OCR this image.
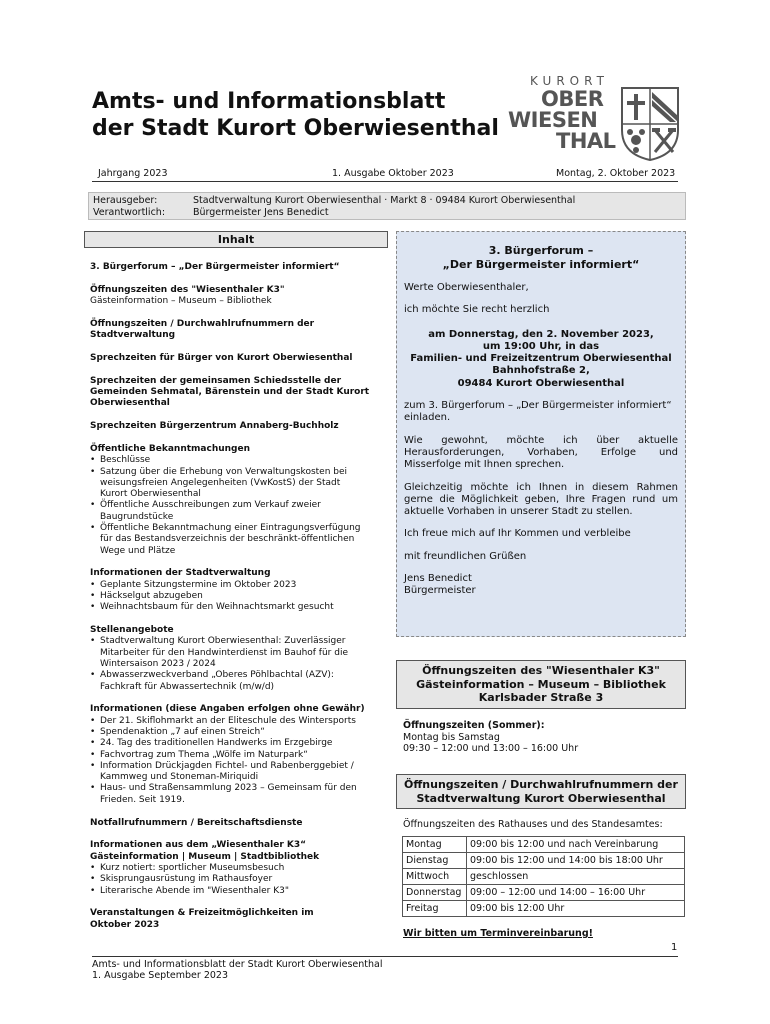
Amts- und Informationsblatt
der Stadt Kurort Oberwiesenthal
KURORT
OBER
WIESEN
THAL
Jahrgang 2023	1. Ausgabe Oktober 2023	Montag, 2. Oktober 2023
Herausgeber:	Stadtverwaltung Kurort Oberwiesenthal · Markt 8 · 09484 Kurort Oberwiesenthal
Verantwortlich:	Bürgermeister Jens Benedict
Inhalt
3. Bürgerforum – „Der Bürgermeister informiert“
Öffnungszeiten des "Wiesenthaler K3"
Gästeinformation – Museum – Bibliothek
Öffnungszeiten / Durchwahlrufnummern der
Stadtverwaltung
Sprechzeiten für Bürger von Kurort Oberwiesenthal
Sprechzeiten der gemeinsamen Schiedsstelle der
Gemeinden Sehmatal, Bärenstein und der Stadt Kurort
Oberwiesenthal
Sprechzeiten Bürgerzentrum Annaberg-Buchholz
Öffentliche Bekanntmachungen
• Beschlüsse
• Satzung über die Erhebung von Verwaltungskosten bei weisungsfreien Angelegenheiten (VwKostS) der Stadt Kurort Oberwiesenthal
• Öffentliche Ausschreibungen zum Verkauf zweier Baugrundstücke
• Öffentliche Bekanntmachung einer Eintragungsverfügung für das Bestandsverzeichnis der beschränkt-öffentlichen Wege und Plätze
Informationen der Stadtverwaltung
• Geplante Sitzungstermine im Oktober 2023
• Häckselgut abzugeben
• Weihnachtsbaum für den Weihnachtsmarkt gesucht
Stellenangebote
• Stadtverwaltung Kurort Oberwiesenthal: Zuverlässiger Mitarbeiter für den Handwinterdienst im Bauhof für die Wintersaison 2023 / 2024
• Abwasserzweckverband „Oberes Pöhlbachtal (AZV): Fachkraft für Abwassertechnik (m/w/d)
Informationen (diese Angaben erfolgen ohne Gewähr)
• Der 21. Skiflohmarkt an der Eliteschule des Wintersports
• Spendenaktion „7 auf einen Streich“
• 24. Tag des traditionellen Handwerks im Erzgebirge
• Fachvortrag zum Thema „Wölfe im Naturpark“
• Information Drückjagden Fichtel- und Rabenberggebiet / Kammweg und Stoneman-Miriquidi
• Haus- und Straßensammlung 2023 – Gemeinsam für den Frieden. Seit 1919.
Notfallrufnummern / Bereitschaftsdienste
Informationen aus dem „Wiesenthaler K3“
Gästeinformation | Museum | Stadtbibliothek
• Kurz notiert: sportlicher Museumsbesuch
• Skisprungausrüstung im Rathausfoyer
• Literarische Abende im "Wiesenthaler K3"
Veranstaltungen & Freizeitmöglichkeiten im
Oktober 2023
3. Bürgerforum –
„Der Bürgermeister informiert“

Werte Oberwiesenthaler,

ich möchte Sie recht herzlich

am Donnerstag, den 2. November 2023,
um 19:00 Uhr, in das
Familien- und Freizeitzentrum Oberwiesenthal
Bahnhofstraße 2,
09484 Kurort Oberwiesenthal

zum 3. Bürgerforum – „Der Bürgermeister informiert“ einladen.

Wie gewohnt, möchte ich über aktuelle Herausforderungen, Vorhaben, Erfolge und Misserfolge mit Ihnen sprechen.

Gleichzeitig möchte ich Ihnen in diesem Rahmen gerne die Möglichkeit geben, Ihre Fragen rund um aktuelle Vorhaben in unserer Stadt zu stellen.

Ich freue mich auf Ihr Kommen und verbleibe

mit freundlichen Grüßen

Jens Benedict
Bürgermeister

Öffnungszeiten des "Wiesenthaler K3"
Gästeinformation – Museum – Bibliothek
Karlsbader Straße 3
Öffnungszeiten (Sommer):
Montag bis Samstag
09:30 – 12:00 und 13:00 – 16:00 Uhr
Öffnungszeiten / Durchwahlrufnummern der
Stadtverwaltung Kurort Oberwiesenthal
Öffnungszeiten des Rathauses und des Standesamtes:
Montag	09:00 bis 12:00 und nach Vereinbarung
Dienstag	09:00 bis 12:00 und 14:00 bis 18:00 Uhr
Mittwoch	geschlossen
Donnerstag	09:00 – 12:00 und 14:00 – 16:00 Uhr
Freitag	09:00 bis 12:00 Uhr
Wir bitten um Terminvereinbarung!
1
Amts- und Informationsblatt der Stadt Kurort Oberwiesenthal
1. Ausgabe September 2023
